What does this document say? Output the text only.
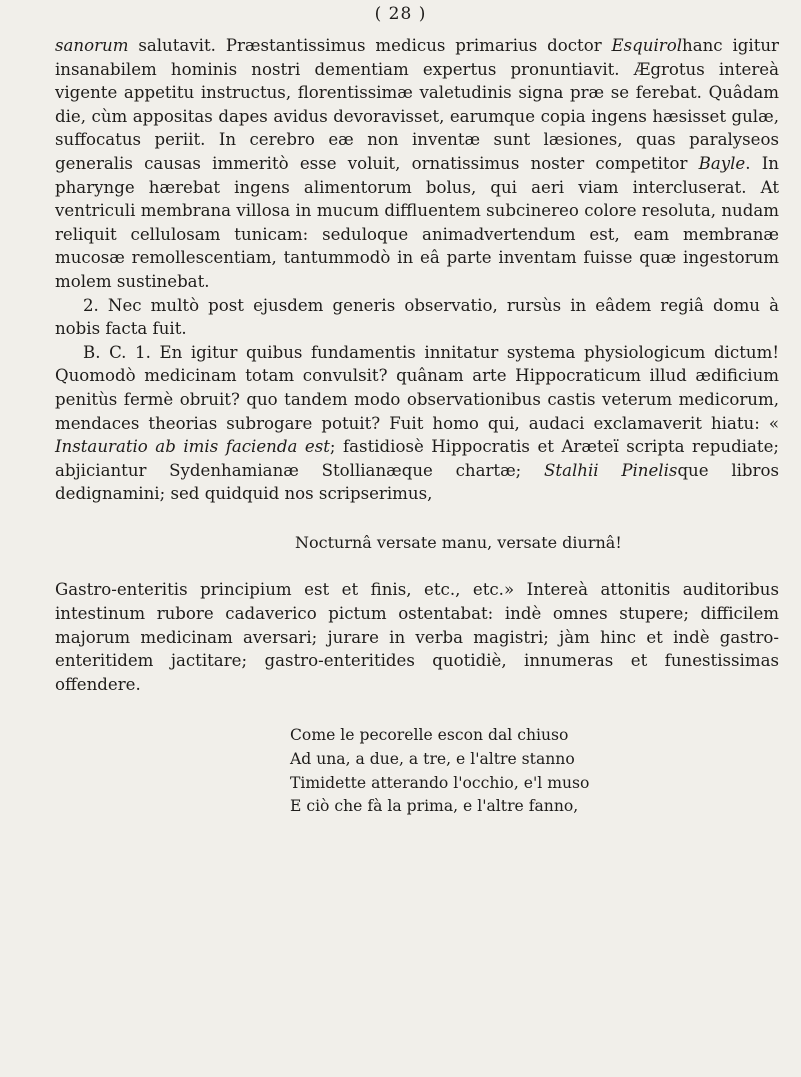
( 28 )

sanorum salutavit. Præstantissimus medicus primarius doctor Esquirolhanc igitur insanabilem hominis nostri dementiam expertus pronuntiavit. Ægrotus intereà vigente appetitu instructus, florentissimæ valetudinis signa præ se ferebat. Quâdam die, cùm appositas dapes avidus devoravisset, earumque copia ingens hæsisset gulæ, suffocatus periit. In cerebro eæ non inventæ sunt læsiones, quas paralyseos generalis causas immeritò esse voluit, ornatissimus noster competitor Bayle. In pharynge hærebat ingens alimentorum bolus, qui aeri viam intercluserat. At ventriculi membrana villosa in mucum diffluentem subcinereo colore resoluta, nudam reliquit cellulosam tunicam: seduloque animadvertendum est, eam membranæ mucosæ remollescentiam, tantummodò in eâ parte inventam fuisse quæ ingestorum molem sustinebat.

2. Nec multò post ejusdem generis observatio, rursùs in eâdem regiâ domu à nobis facta fuit.

B. C. 1. En igitur quibus fundamentis innitatur systema physiologicum dictum! Quomodò medicinam totam convulsit? quânam arte Hippocraticum illud ædificium penitùs fermè obruit? quo tandem modo observationibus castis veterum medicorum, mendaces theorias subrogare potuit? Fuit homo qui, audaci exclamaverit hiatu: « Instauratio ab imis facienda est; fastidiosè Hippocratis et Aræteï scripta repudiate; abjiciantur Sydenhamianæ Stollianæque chartæ; Stalhii Pinelisque libros dedignamini; sed quidquid nos scripserimus,

Nocturnâ versate manu, versate diurnâ!

Gastro-enteritis principium est et finis, etc., etc.» Intereà attonitis auditoribus intestinum rubore cadaverico pictum ostentabat: indè omnes stupere; difficilem majorum medicinam aversari; jurare in verba magistri; jàm hinc et indè gastro-enteritidem jactitare; gastro-enteritides quotidiè, innumeras et funestissimas offendere.

Come le pecorelle escon dal chiuso
Ad una, a due, a tre, e l'altre stanno
Timidette atterando l'occhio, e'l muso
E ciò che fà la prima, e l'altre fanno,
